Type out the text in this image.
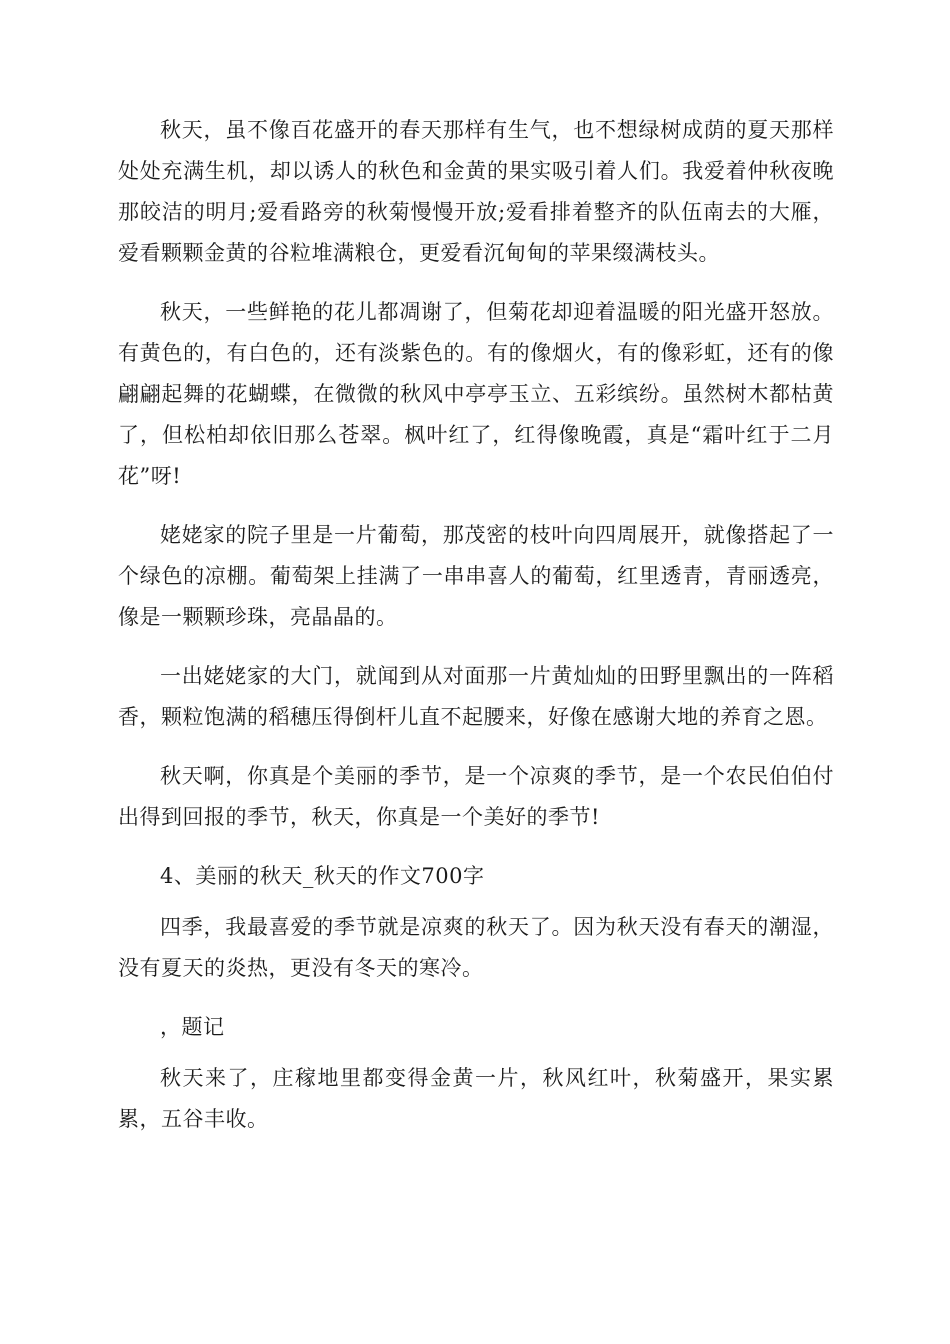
秋天，虽不像百花盛开的春天那样有生气，也不想绿树成荫的夏天那样处处充满生机，却以诱人的秋色和金黄的果实吸引着人们。我爱着仲秋夜晚那皎洁的明月;爱看路旁的秋菊慢慢开放;爱看排着整齐的队伍南去的大雁，爱看颗颗金黄的谷粒堆满粮仓，更爱看沉甸甸的苹果缀满枝头。

秋天，一些鲜艳的花儿都凋谢了，但菊花却迎着温暖的阳光盛开怒放。有黄色的，有白色的，还有淡紫色的。有的像烟火，有的像彩虹，还有的像翩翩起舞的花蝴蝶，在微微的秋风中亭亭玉立、五彩缤纷。虽然树木都枯黄了，但松柏却依旧那么苍翠。枫叶红了，红得像晚霞，真是“霜叶红于二月花”呀!

姥姥家的院子里是一片葡萄，那茂密的枝叶向四周展开，就像搭起了一个绿色的凉棚。葡萄架上挂满了一串串喜人的葡萄，红里透青，青丽透亮，像是一颗颗珍珠，亮晶晶的。

一出姥姥家的大门，就闻到从对面那一片黄灿灿的田野里飘出的一阵稻香，颗粒饱满的稻穗压得倒杆儿直不起腰来，好像在感谢大地的养育之恩。

秋天啊，你真是个美丽的季节，是一个凉爽的季节，是一个农民伯伯付出得到回报的季节，秋天，你真是一个美好的季节!

4、美丽的秋天_秋天的作文700字

四季，我最喜爱的季节就是凉爽的秋天了。因为秋天没有春天的潮湿，没有夏天的炎热，更没有冬天的寒冷。

，题记

秋天来了，庄稼地里都变得金黄一片，秋风红叶，秋菊盛开，果实累累，五谷丰收。
